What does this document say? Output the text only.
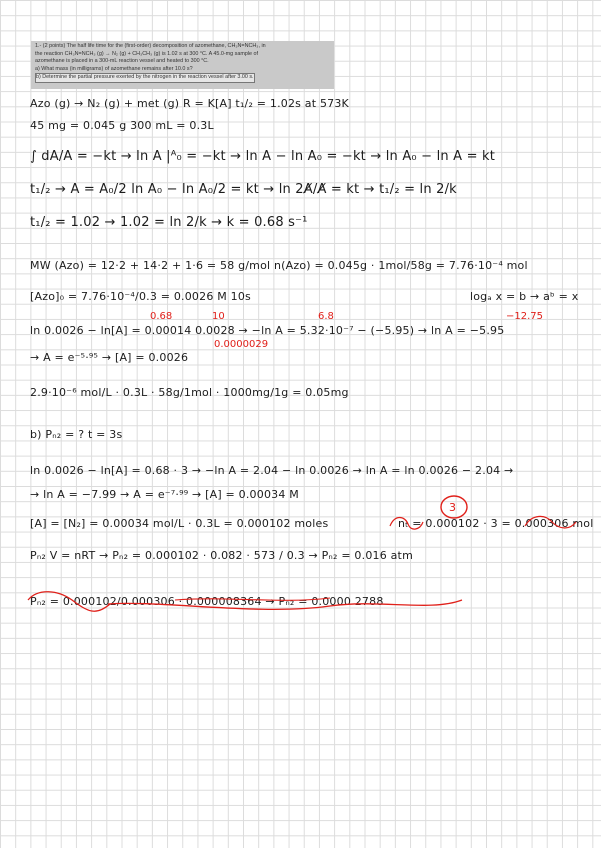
1.- (2 points) The half life time for the (first-order) decomposition of azomethane, CH₃N=NCH₃, in
the reaction CH₃N=NCH₃ (g) → N₂ (g) + CH₃CH₃ (g) is 1.02 s at 300 °C. A 45.0-mg sample of
azomethane is placed in a 300-mL reaction vessel and heated to 300 °C.
a) What mass (in milligrams) of azomethane remains after 10.0 s?
b) Determine the partial pressure exerted by the nitrogen in the reaction vessel after 3.00 s.
Azo (g) → N₂ (g) + met (g) R = K[A] t₁/₂ = 1.02s at 573K
45 mg = 0.045 g 300 mL = 0.3L
∫ dA/A = −kt → ln A |ᴬ₀ = −kt → ln A − ln A₀ = −kt → ln A₀ − ln A = kt
t₁/₂ → A = A₀/2 ln A₀ − ln A₀/2 = kt → ln 2A̸/A̸ = kt → t₁/₂ = ln 2/k
t₁/₂ = 1.02 → 1.02 = ln 2/k → k = 0.68 s⁻¹
MW (Azo) = 12·2 + 14·2 + 1·6 = 58 g/mol n(Azo) = 0.045g · 1mol/58g = 7.76·10⁻⁴ mol
[Azo]₀ = 7.76·10⁻⁴/0.3 = 0.0026 M 10s	logₐ x = b → aᵇ = x
0.68	10	6.8	−12.75
ln 0.0026 − ln[A] = 0.00014 0.0028 → −ln A = 5.32·10⁻⁷ − (−5.95) → ln A = −5.95
0.0000029
→ A = e⁻⁵·⁹⁵ → [A] = 0.0026
2.9·10⁻⁶ mol/L · 0.3L · 58g/1mol · 1000mg/1g = 0.05mg
b) Pₙ₂ = ? t = 3s
ln 0.0026 − ln[A] = 0.68 · 3 → −ln A = 2.04 − ln 0.0026 → ln A = ln 0.0026 − 2.04 →
→ ln A = −7.99 → A = e⁻⁷·⁹⁹ → [A] = 0.00034 M
[A] = [N₂] = 0.00034 mol/L · 0.3L = 0.000102 moles	nₜ = 0.000102 · 3 = 0.000306 mol
3
Pₙ₂ V = nRT → Pₙ₂ = 0.000102 · 0.082 · 573 / 0.3 → Pₙ₂ = 0.016 atm
Pₙ₂ = 0.000102/0.000306 · 0.000008364 → Pₙ₂ = 0.0000 2788
